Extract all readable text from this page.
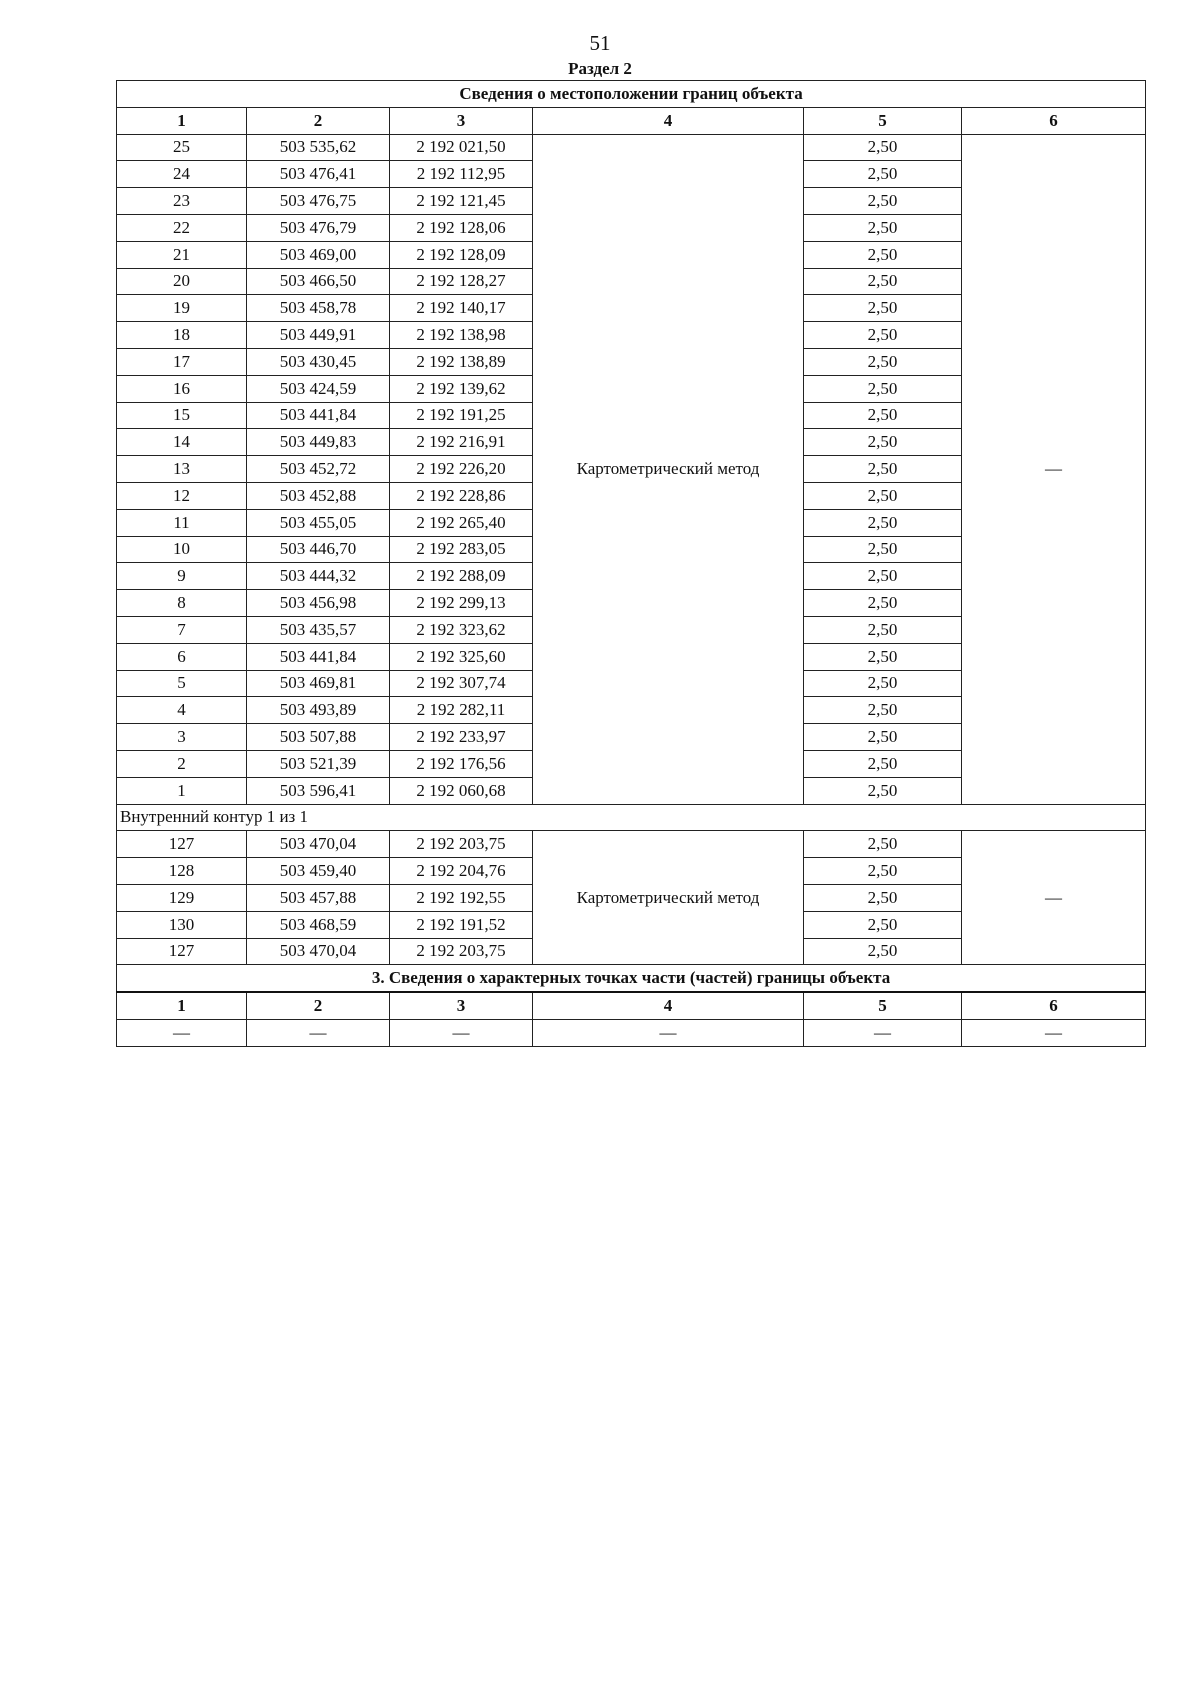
51
Раздел 2
Сведения о местоположении границ объекта					
1	2	3	4	5	6
25	503 535,62	2 192 021,50	Картометрический метод	2,50	—
24	503 476,41	2 192 112,95		2,50	
23	503 476,75	2 192 121,45		2,50	
22	503 476,79	2 192 128,06		2,50	
21	503 469,00	2 192 128,09		2,50	
20	503 466,50	2 192 128,27		2,50	
19	503 458,78	2 192 140,17		2,50	
18	503 449,91	2 192 138,98		2,50	
17	503 430,45	2 192 138,89		2,50	
16	503 424,59	2 192 139,62		2,50	
15	503 441,84	2 192 191,25		2,50	
14	503 449,83	2 192 216,91		2,50	
13	503 452,72	2 192 226,20		2,50	
12	503 452,88	2 192 228,86		2,50	
11	503 455,05	2 192 265,40		2,50	
10	503 446,70	2 192 283,05		2,50	
9	503 444,32	2 192 288,09		2,50	
8	503 456,98	2 192 299,13		2,50	
7	503 435,57	2 192 323,62		2,50	
6	503 441,84	2 192 325,60		2,50	
5	503 469,81	2 192 307,74		2,50	
4	503 493,89	2 192 282,11		2,50	
3	503 507,88	2 192 233,97		2,50	
2	503 521,39	2 192 176,56		2,50	
1	503 596,41	2 192 060,68		2,50	
Внутренний контур 1 из 1					
127	503 470,04	2 192 203,75	Картометрический метод	2,50	—
128	503 459,40	2 192 204,76		2,50	
129	503 457,88	2 192 192,55		2,50	
130	503 468,59	2 192 191,52		2,50	
127	503 470,04	2 192 203,75		2,50	
3. Сведения о характерных точках части (частей) границы объекта					
1	2	3	4	5	6
—	—	—	—	—	—
